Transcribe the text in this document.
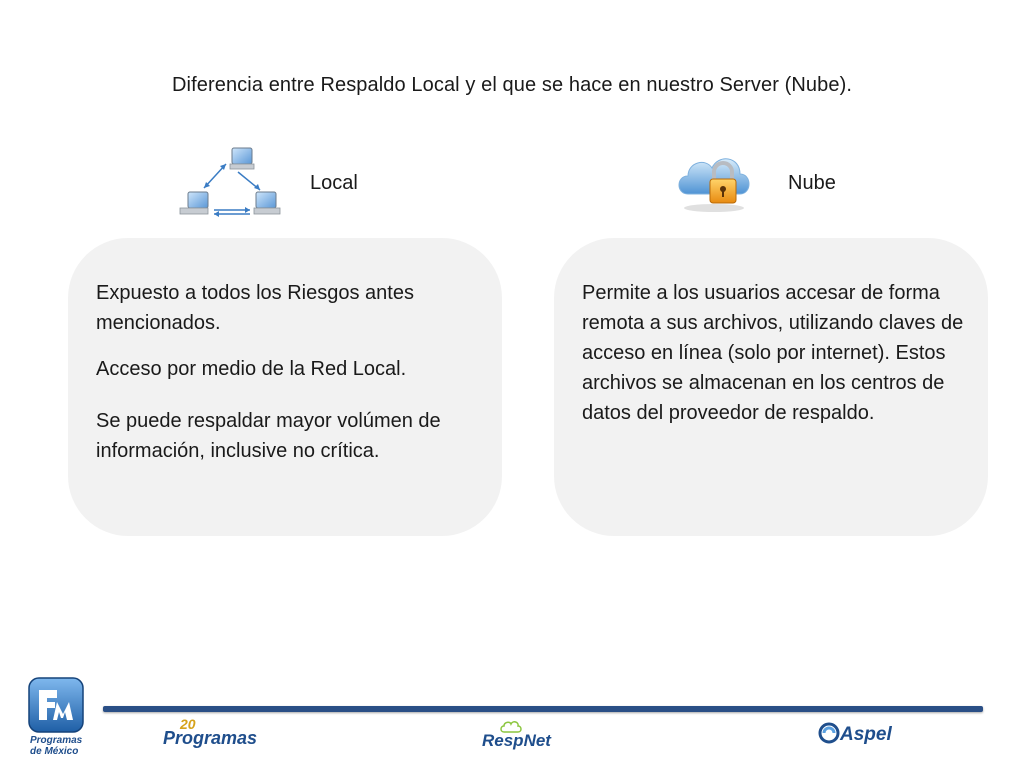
Diferencia entre Respaldo Local y el que se hace en nuestro Server (Nube).
Local	Nube

Expuesto a todos los Riesgos antes mencionados.

Acceso por medio de la Red Local.

Se puede respaldar mayor volúmen de información, inclusive no crítica.

Permite a los usuarios accesar de forma remota a sus archivos, utilizando claves de acceso en línea (solo por internet). Estos archivos se almacenan en los centros de datos del proveedor de respaldo.

Programas
de México
20
Programas	RespNet	Aspel
